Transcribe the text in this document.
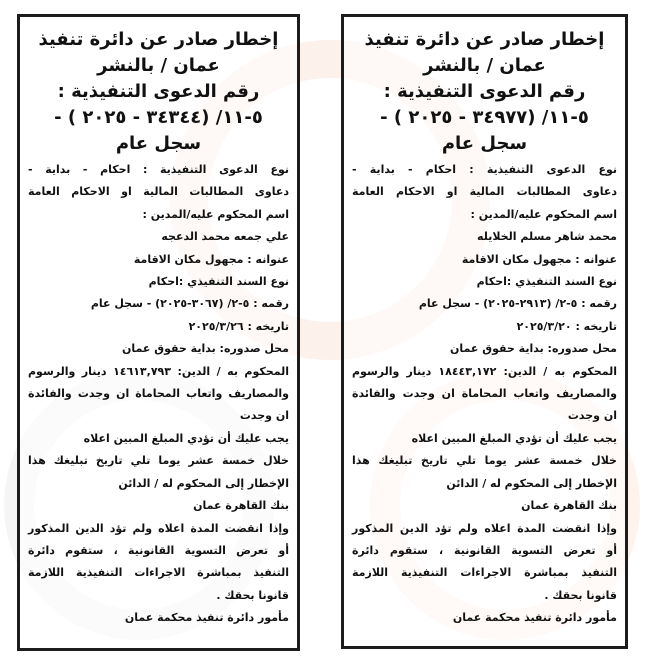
إخطار صادر عن دائرة تنفيذ
عمان / بالنشر
رقم الدعوى التنفيذية :
٥-١١/ (٣٤٣٤٤ - ٢٠٢٥ ) -
سجل عام
نوع الدعوى التنفيذية : احكام - بداية -
دعاوى المطالبات المالية او الاحكام العامة
اسم المحكوم عليه/المدين :
علي جمعه محمد الدعجه
عنوانه : مجهول مكان الاقامة
نوع السند التنفيذي :احكام
رقمه : ٥-٢/ (٣٠٦٧-٢٠٢٥) - سجل عام
تاريخه : ٢٠٢٥/٣/٢٦
محل صدوره: بداية حقوق عمان
المحكوم به / الدين: ١٤٦١٣,٧٩٣ دينار والرسوم
والمصاريف واتعاب المحاماة ان وجدت والفائدة
ان وجدت
يجب عليك أن تؤدي المبلغ المبين اعلاه
خلال خمسة عشر يوما تلي تاريخ تبليغك هذا
الإخطار إلى المحكوم له / الدائن
بنك القاهرة عمان
وإذا انقضت المدة اعلاه ولم تؤد الدين المذكور
أو تعرض التسوية القانونية ، ستقوم دائرة
التنفيذ بمباشرة الاجراءات التنفيذية اللازمة
قانونا بحقك .
مأمور دائرة تنفيذ محكمة عمان
إخطار صادر عن دائرة تنفيذ
عمان / بالنشر
رقم الدعوى التنفيذية :
٥-١١/ (٣٤٩٧٧ - ٢٠٢٥ ) -
سجل عام
نوع الدعوى التنفيذية : احكام - بداية -
دعاوى المطالبات المالية او الاحكام العامة
اسم المحكوم عليه/المدين :
محمد شاهر مسلم الخلايله
عنوانه : مجهول مكان الاقامة
نوع السند التنفيذي :احكام
رقمه : ٥-٢/ (٢٩١٣-٢٠٢٥) - سجل عام
تاريخه : ٢٠٢٥/٣/٢٠
محل صدوره: بداية حقوق عمان
المحكوم به / الدين: ١٨٤٤٣,١٧٢ دينار والرسوم
والمصاريف واتعاب المحاماة ان وجدت والفائدة
ان وجدت
يجب عليك أن تؤدي المبلغ المبين اعلاه
خلال خمسة عشر يوما تلي تاريخ تبليغك هذا
الإخطار إلى المحكوم له / الدائن
بنك القاهرة عمان
وإذا انقضت المدة اعلاه ولم تؤد الدين المذكور
أو تعرض التسوية القانونية ، ستقوم دائرة
التنفيذ بمباشرة الاجراءات التنفيذية اللازمة
قانونا بحقك .
مأمور دائرة تنفيذ محكمة عمان
